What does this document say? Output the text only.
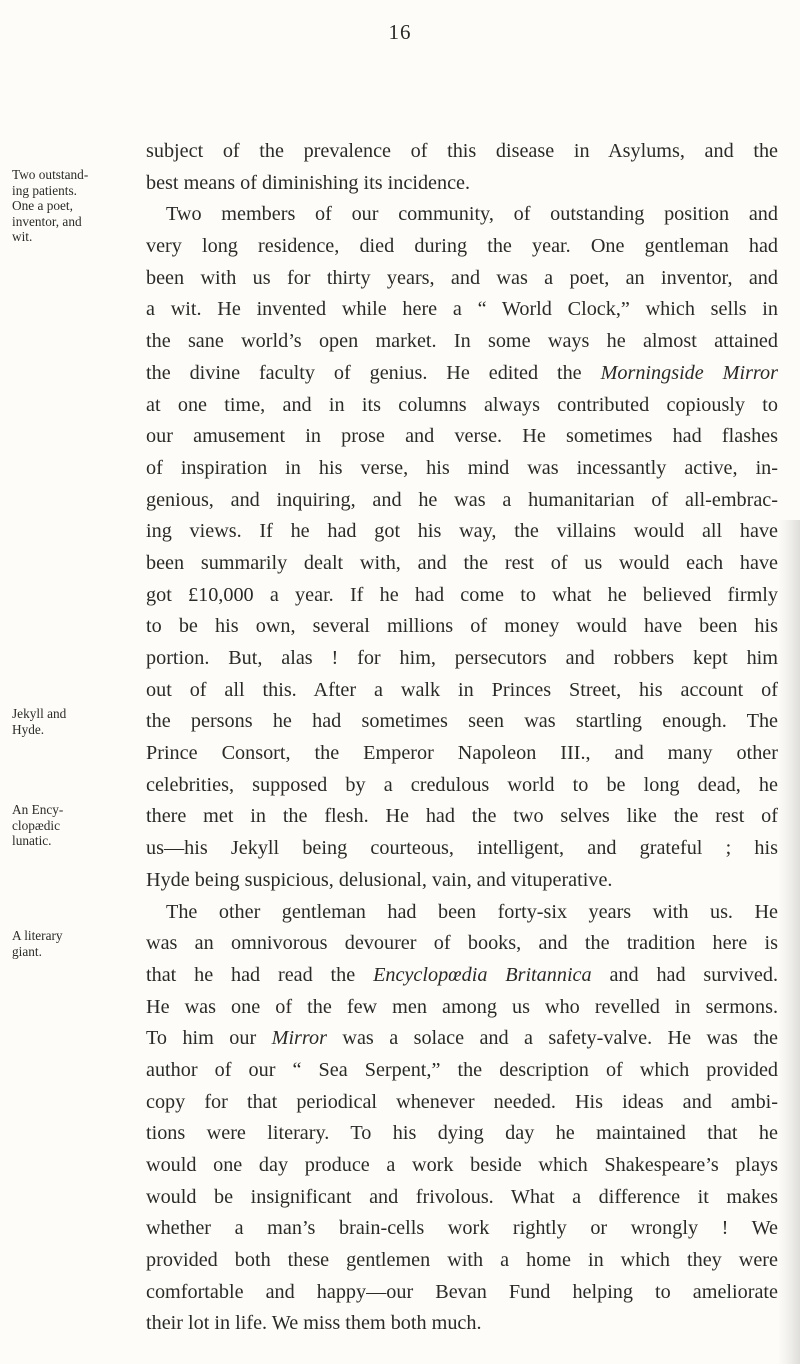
16
Two outstand-
ing patients.
One a poet,
inventor, and
wit.
Jekyll and
Hyde.
An Ency-
clopædic
lunatic.
A literary
giant.
subject of the prevalence of this disease in Asylums, and the
best means of diminishing its incidence.
Two members of our community, of outstanding position and
very long residence, died during the year. One gentleman had
been with us for thirty years, and was a poet, an inventor, and
a wit. He invented while here a “ World Clock,” which sells in
the sane world’s open market. In some ways he almost attained
the divine faculty of genius. He edited the Morningside Mirror
at one time, and in its columns always contributed copiously to
our amusement in prose and verse. He sometimes had flashes
of inspiration in his verse, his mind was incessantly active, in-
genious, and inquiring, and he was a humanitarian of all-embrac-
ing views. If he had got his way, the villains would all have
been summarily dealt with, and the rest of us would each have
got £10,000 a year. If he had come to what he believed firmly
to be his own, several millions of money would have been his
portion. But, alas ! for him, persecutors and robbers kept him
out of all this. After a walk in Princes Street, his account of
the persons he had sometimes seen was startling enough. The
Prince Consort, the Emperor Napoleon III., and many other
celebrities, supposed by a credulous world to be long dead, he
there met in the flesh. He had the two selves like the rest of
us—his Jekyll being courteous, intelligent, and grateful ; his
Hyde being suspicious, delusional, vain, and vituperative.
The other gentleman had been forty-six years with us. He
was an omnivorous devourer of books, and the tradition here is
that he had read the Encyclopœdia Britannica and had survived.
He was one of the few men among us who revelled in sermons.
To him our Mirror was a solace and a safety-valve. He was the
author of our “ Sea Serpent,” the description of which provided
copy for that periodical whenever needed. His ideas and ambi-
tions were literary. To his dying day he maintained that he
would one day produce a work beside which Shakespeare’s plays
would be insignificant and frivolous. What a difference it makes
whether a man’s brain-cells work rightly or wrongly ! We
provided both these gentlemen with a home in which they were
comfortable and happy—our Bevan Fund helping to ameliorate
their lot in life. We miss them both much.
